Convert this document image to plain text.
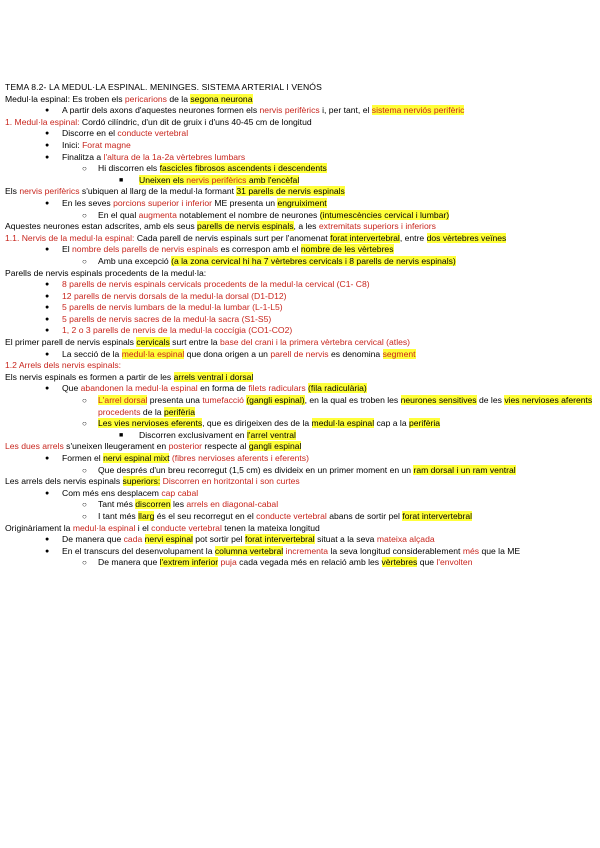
TEMA 8.2- LA MEDUL·LA ESPINAL. MENINGES. SISTEMA ARTERIAL I VENÓS
Medul·la espinal: Es troben els pericarions de la segona neurona
● A partir dels axons d'aquestes neurones formen els nervis perifèrics i, per tant, el sistema nerviós perifèric
1. Medul·la espinal: Cordó cilíndric, d'un dit de gruix i d'uns 40-45 cm de longitud
● Discorre en el conducte vertebral
● Inici: Forat magne
● Finalitza a l'altura de la 1a-2a vèrtebres lumbars
○ Hi discorren els fascicles fibrosos ascendents i descendents
■ Uneixen els nervis perifèrics amb l'encèfal
Els nervis perifèrics s'ubiquen al llarg de la medul·la formant 31 parells de nervis espinals
● En les seves porcions superior i inferior ME presenta un engruiximent
○ En el qual augmenta notablement el nombre de neurones (intumescències cervical i lumbar)
Aquestes neurones estan adscrites, amb els seus parells de nervis espinals, a les extremitats superiors i inferiors
1.1. Nervis de la medul·la espinal: Cada parell de nervis espinals surt per l'anomenat forat intervertebral, entre dos vèrtebres veïnes
● El nombre dels parells de nervis espinals es correspon amb el nombre de les vèrtebres
○ Amb una excepció (a la zona cervical hi ha 7 vèrtebres cervicals i 8 parells de nervis espinals)
Parells de nervis espinals procedents de la medul·la:
● 8 parells de nervis espinals cervicals procedents de la medul·la cervical (C1- C8)
● 12 parells de nervis dorsals de la medul·la dorsal (D1-D12)
● 5 parells de nervis lumbars de la medul·la lumbar (L-1-L5)
● 5 parells de nervis sacres de la medul·la sacra (S1-S5)
● 1, 2 o 3 parells de nervis de la medul·la coccígia (CO1-CO2)
El primer parell de nervis espinals cervicals surt entre la base del crani i la primera vèrtebra cervical (atles)
● La secció de la medul·la espinal que dona origen a un parell de nervis es denomina segment
1.2 Arrels dels nervis espinals:
Els nervis espinals es formen a partir de les arrels ventral i dorsal
● Que abandonen la medul·la espinal en forma de filets radiculars (fila radiculària)
○ L'arrel dorsal presenta una tumefacció (gangli espinal), en la qual es troben les neurones sensitives de les vies nervioses aferents procedents de la perifèria
○ Les vies nervioses eferents, que es dirigeixen des de la medul·la espinal cap a la perifèria
■ Discorren exclusivament en l'arrel ventral
Les dues arrels s'uneixen lleugerament en posterior respecte al gangli espinal
● Formen el nervi espinal mixt (fibres nervioses aferents i eferents)
○ Que després d'un breu recorregut (1,5 cm) es divideix en un primer moment en un ram dorsal i un ram ventral
Les arrels dels nervis espinals superiors: Discorren en horitzontal i son curtes
● Com més ens desplacem cap cabal
○ Tant més discorren les arrels en diagonal-cabal
○ I tant més llarg és el seu recorregut en el conducte vertebral abans de sortir pel forat intervertebral
Originàriament la medul·la espinal i el conducte vertebral tenen la mateixa longitud
● De manera que cada nervi espinal pot sortir pel forat intervertebral situat a la seva mateixa alçada
● En el transcurs del desenvolupament la columna vertebral incrementa la seva longitud considerablement més que la ME
○ De manera que l'extrem inferior puja cada vegada més en relació amb les vèrtebres que l'envolten
